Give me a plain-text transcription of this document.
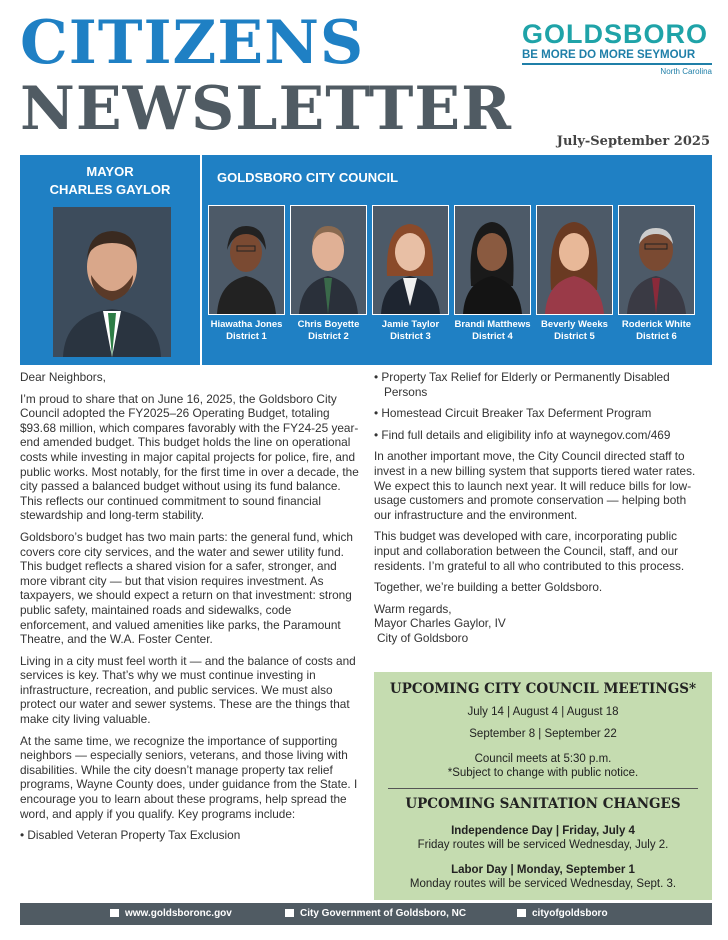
CITIZENS
NEWSLETTER
GOLDSBORO
BE MORE DO MORE SEYMOUR
North Carolina
July-September 2025
MAYOR
CHARLES GAYLOR
GOLDSBORO CITY COUNCIL
Hiawatha Jones
District 1
Chris Boyette
District 2
Jamie Taylor
District 3
Brandi Matthews
District 4
Beverly Weeks
District 5
Roderick White
District 6

Dear Neighbors,

I’m proud to share that on June 16, 2025, the Goldsboro City Council adopted the FY2025–26 Operating Budget, totaling $93.68 million, which compares favorably with the FY24-25 year-end amended budget. This budget holds the line on operational costs while investing in major capital projects for police, fire, and public works. Most notably, for the first time in over a decade, the city passed a balanced budget without using its fund balance. This reflects our continued commitment to sound financial stewardship and long-term stability.

Goldsboro’s budget has two main parts: the general fund, which covers core city services, and the water and sewer utility fund. This budget reflects a shared vision for a safer, stronger, and more vibrant city — but that vision requires investment. As taxpayers, we should expect a return on that investment: strong public safety, maintained roads and sidewalks, code enforcement, and valued amenities like parks, the Paramount Theatre, and the W.A. Foster Center.

Living in a city must feel worth it — and the balance of costs and services is key. That’s why we must continue investing in infrastructure, recreation, and public services. We must also protect our water and sewer systems. These are the things that make city living valuable.

At the same time, we recognize the importance of supporting neighbors — especially seniors, veterans, and those living with disabilities. While the city doesn’t manage property tax relief programs, Wayne County does, under guidance from the State. I encourage you to learn about these programs, help spread the word, and apply if you qualify. Key programs include:

• Disabled Veteran Property Tax Exclusion
• Property Tax Relief for Elderly or Permanently Disabled Persons
• Homestead Circuit Breaker Tax Deferment Program
• Find full details and eligibility info at waynegov.com/469

In another important move, the City Council directed staff to invest in a new billing system that supports tiered water rates. We expect this to launch next year. It will reduce bills for low-usage customers and promote conservation — helping both our infrastructure and the environment.

This budget was developed with care, incorporating public input and collaboration between the Council, staff, and our residents. I’m grateful to all who contributed to this process.

Together, we’re building a better Goldsboro.

Warm regards,
Mayor Charles Gaylor, IV
City of Goldsboro
UPCOMING CITY COUNCIL MEETINGS*
July 14 | August 4 | August 18
September 8 | September 22
Council meets at 5:30 p.m.
*Subject to change with public notice.
UPCOMING SANITATION CHANGES
Independence Day | Friday, July 4
Friday routes will be serviced Wednesday, July 2.
Labor Day | Monday, September 1
Monday routes will be serviced Wednesday, Sept. 3.
www.goldsboronc.gov	City Government of Goldsboro, NC	cityofgoldsboro
